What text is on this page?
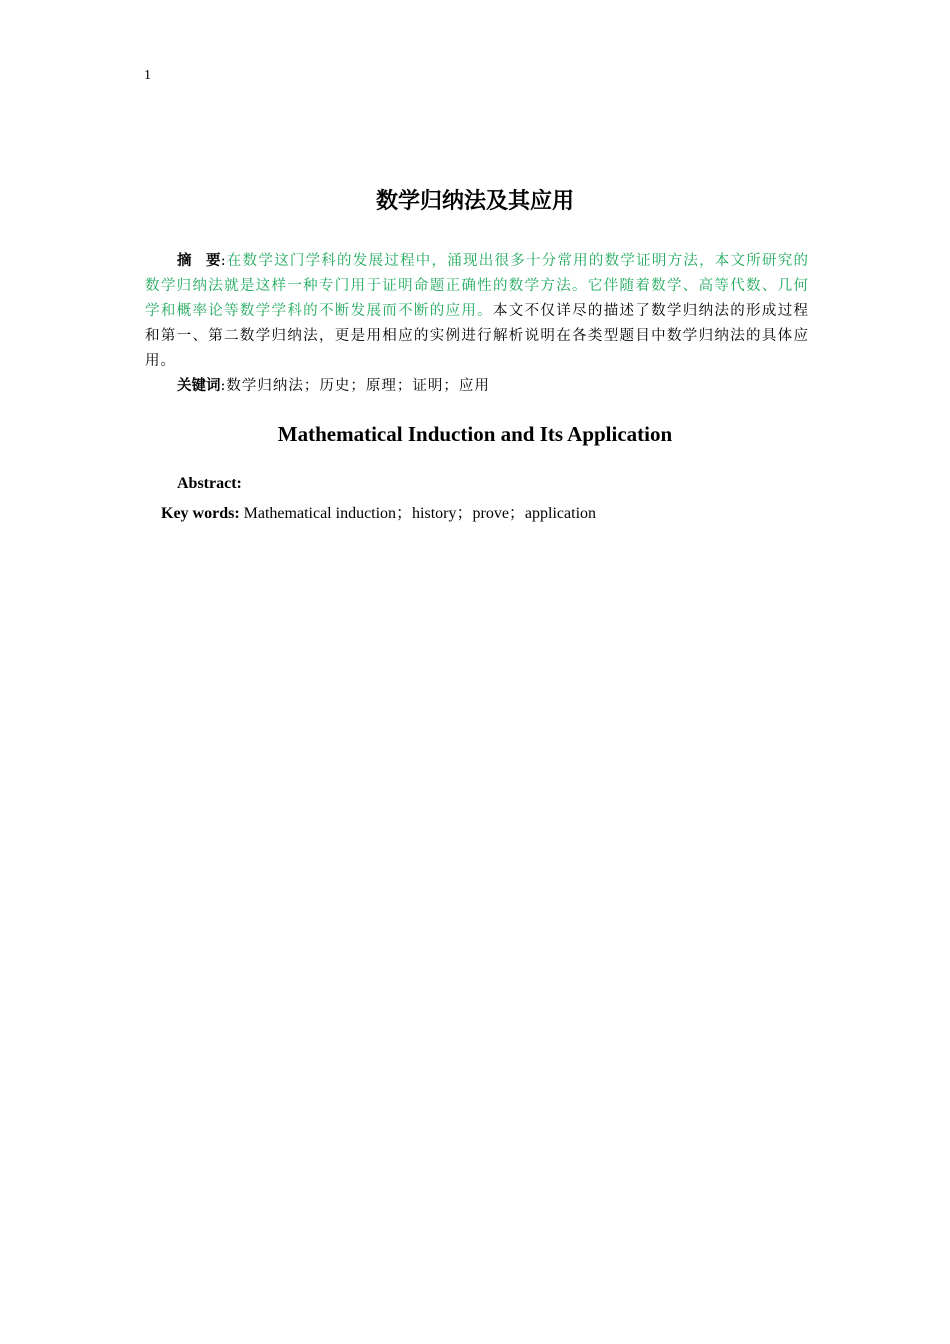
1
数学归纳法及其应用

摘 要:在数学这门学科的发展过程中，涌现出很多十分常用的数学证明方法，本文所研究的数学归纳法就是这样一种专门用于证明命题正确性的数学方法。它伴随着数学、高等代数、几何学和概率论等数学学科的不断发展而不断的应用。本文不仅详尽的描述了数学归纳法的形成过程和第一、第二数学归纳法，更是用相应的实例进行解析说明在各类型题目中数学归纳法的具体应用。

关键词:数学归纳法；历史；原理；证明；应用

Mathematical Induction and Its Application

Abstract:

Key words: Mathematical induction；history；prove；application
